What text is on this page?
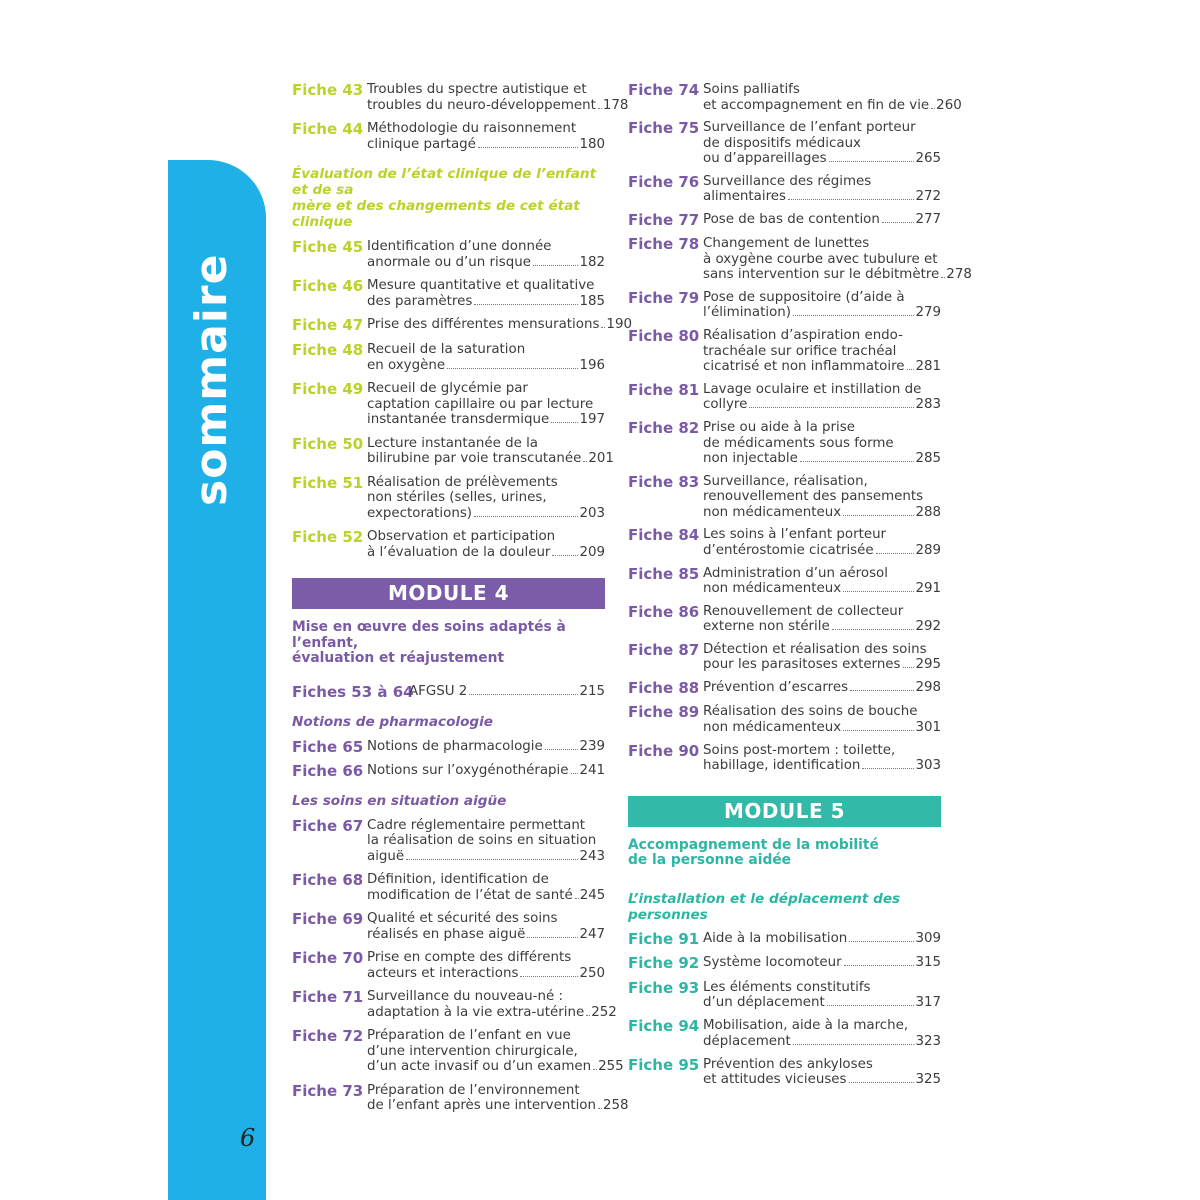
sommaire
6
Fiche 43 Troubles du spectre autistique et
troubles du neuro-développement 178
Fiche 44 Méthodologie du raisonnement
clinique partagé	180
Évaluation de l’état clinique de l’enfant et de sa
mère et des changements de cet état clinique
Fiche 45 Identification d’une donnée
anormale ou d’un risque	182
Fiche 46 Mesure quantitative et qualitative
des paramètres	185
Fiche 47 Prise des différentes mensurations 190
Fiche 48 Recueil de la saturation
en oxygène	196
Fiche 49 Recueil de glycémie par
captation capillaire ou par lecture
instantanée transdermique 197
Fiche 50 Lecture instantanée de la
bilirubine par voie transcutanée 201
Fiche 51 Réalisation de prélèvements
non stériles (selles, urines,
expectorations)	203
Fiche 52 Observation et participation
à l’évaluation de la douleur 209
MODULE 4
Mise en œuvre des soins adaptés à l’enfant,
évaluation et réajustement
Fiches 53 à 64
AFGSU 2	215
Notions de pharmacologie
Fiche 65 Notions de pharmacologie	239
Fiche 66 Notions sur l’oxygénothérapie 241
Les soins en situation aigüe
Fiche 67 Cadre réglementaire permettant
la réalisation de soins en situation
aiguë	243
Fiche 68 Définition, identification de
modification de l’état de santé 245
Fiche 69 Qualité et sécurité des soins
réalisés en phase aiguë	247
Fiche 70 Prise en compte des différents
acteurs et interactions	250
Fiche 71 Surveillance du nouveau-né :
adaptation à la vie extra-utérine 252
Fiche 72 Préparation de l’enfant en vue
d’une intervention chirurgicale,
d’un acte invasif ou d’un examen 255
Fiche 73 Préparation de l’environnement
de l’enfant après une intervention 258
Fiche 74 Soins palliatifs
et accompagnement en fin de vie 260
Fiche 75 Surveillance de l’enfant porteur
de dispositifs médicaux
ou d’appareillages	265
Fiche 76 Surveillance des régimes
alimentaires	272
Fiche 77 Pose de bas de contention	277
Fiche 78 Changement de lunettes
à oxygène courbe avec tubulure et
sans intervention sur le débitmètre 278
Fiche 79 Pose de suppositoire (d’aide à
l’élimination)	279
Fiche 80 Réalisation d’aspiration endo-
trachéale sur orifice trachéal
cicatrisé et non inflammatoire 281
Fiche 81 Lavage oculaire et instillation de
collyre	283
Fiche 82 Prise ou aide à la prise
de médicaments sous forme
non injectable	285
Fiche 83 Surveillance, réalisation,
renouvellement des pansements
non médicamenteux	288
Fiche 84 Les soins à l’enfant porteur
d’entérostomie cicatrisée	289
Fiche 85 Administration d’un aérosol
non médicamenteux	291
Fiche 86 Renouvellement de collecteur
externe non stérile	292
Fiche 87 Détection et réalisation des soins
pour les parasitoses externes 295
Fiche 88 Prévention d’escarres	298
Fiche 89 Réalisation des soins de bouche
non médicamenteux	301
Fiche 90 Soins post-mortem : toilette,
habillage, identification	303
MODULE 5
Accompagnement de la mobilité
de la personne aidée
L’installation et le déplacement des personnes
Fiche 91 Aide à la mobilisation	309
Fiche 92 Système locomoteur	315
Fiche 93 Les éléments constitutifs
d’un déplacement	317
Fiche 94 Mobilisation, aide à la marche,
déplacement	323
Fiche 95 Prévention des ankyloses
et attitudes vicieuses	325
